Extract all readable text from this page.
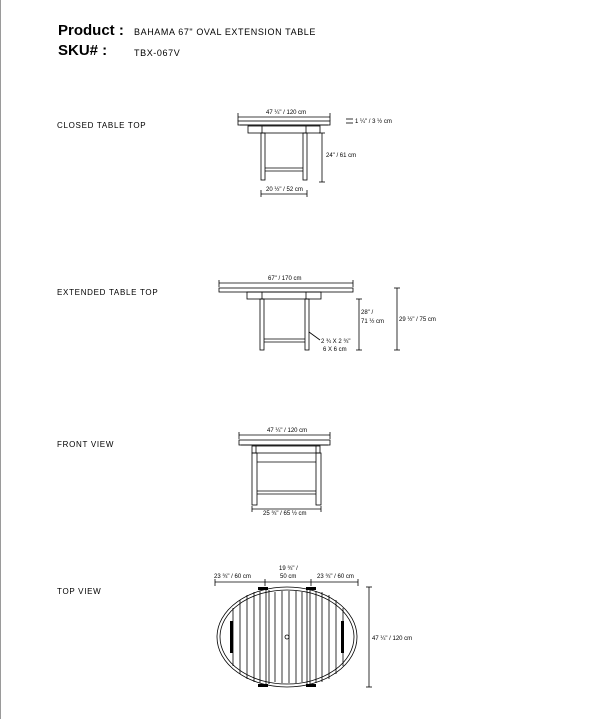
Product : BAHAMA 67" OVAL EXTENSION TABLE
SKU# :	TBX-067V
CLOSED TABLE TOP
EXTENDED TABLE TOP
FRONT VIEW
TOP VIEW
47 ¼" / 120 cm
1 ¼" / 3 ½ cm
24" / 61 cm
20 ½" / 52 cm
67" / 170 cm
28" /
71 ½ cm 29 ½" / 75 cm
2 ¾ X 2 ¾"
6 X 6 cm
47 ¼" / 120 cm
25 ¾" / 65 ½ cm
23 ¾" / 60 cm
19 ¾" /
50 cm	23 ¾" / 60 cm
47 ¼" / 120 cm
